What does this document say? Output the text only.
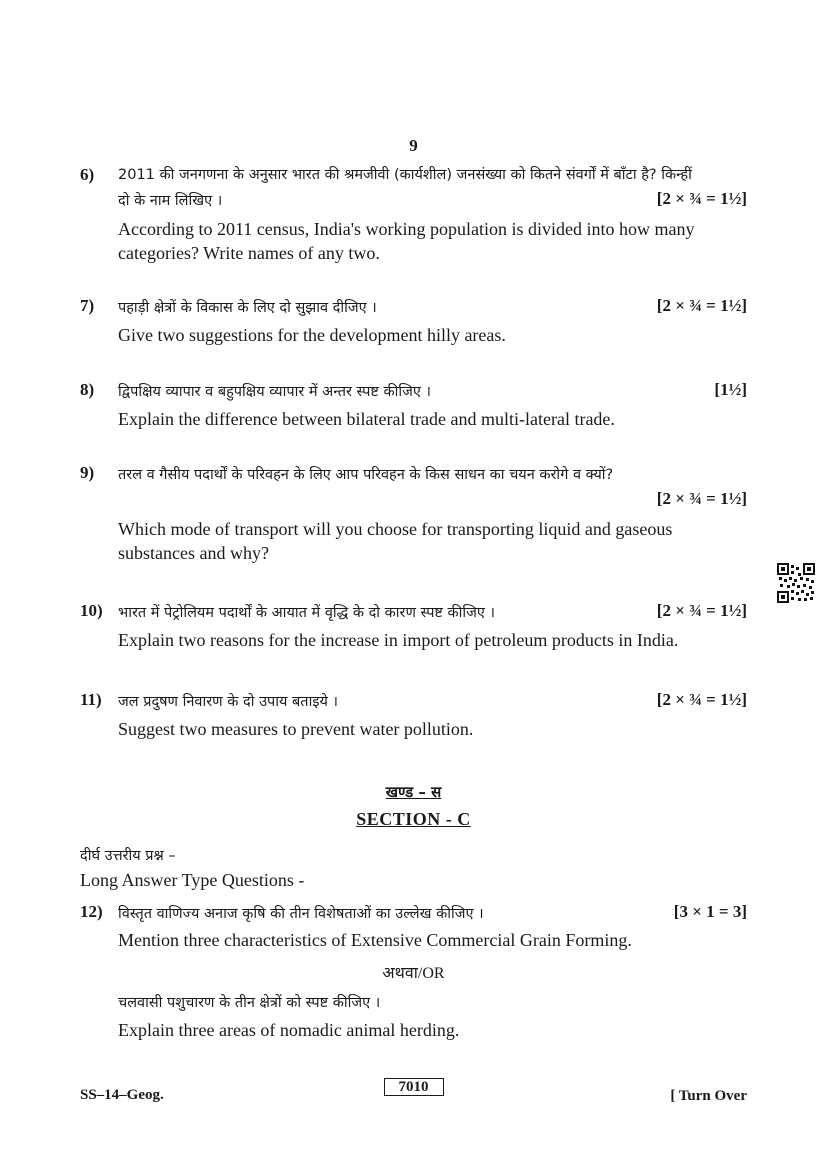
9
6) 2011 की जनगणना के अनुसार भारत की श्रमजीवी (कार्यशील) जनसंख्या को कितने संवर्गों में बाँटा है? किन्हीं
दो के नाम लिखिए ।	[2 × ¾ = 1½]
According to 2011 census, India's working population is divided into how many
categories? Write names of any two.
7) पहाड़ी क्षेत्रों के विकास के लिए दो सुझाव दीजिए ।	[2 × ¾ = 1½]
Give two suggestions for the development hilly areas.
8) द्विपक्षिय व्यापार व बहुपक्षिय व्यापार में अन्तर स्पष्ट कीजिए ।	[1½]
Explain the difference between bilateral trade and multi-lateral trade.
9) तरल व गैसीय पदार्थों के परिवहन के लिए आप परिवहन के किस साधन का चयन करोगे व क्यों?
[2 × ¾ = 1½]
Which mode of transport will you choose for transporting liquid and gaseous
substances and why?
10) भारत में पेट्रोलियम पदार्थों के आयात में वृद्धि के दो कारण स्पष्ट कीजिए ।	[2 × ¾ = 1½]
Explain two reasons for the increase in import of petroleum products in India.
11) जल प्रदुषण निवारण के दो उपाय बताइये ।	[2 × ¾ = 1½]
Suggest two measures to prevent water pollution.
खण्ड – स
SECTION - C
दीर्घ उत्तरीय प्रश्न –
Long Answer Type Questions -
12) विस्तृत वाणिज्य अनाज कृषि की तीन विशेषताओं का उल्लेख कीजिए ।	[3 × 1 = 3]
Mention three characteristics of Extensive Commercial Grain Forming.
अथवा/OR
चलवासी पशुचारण के तीन क्षेत्रों को स्पष्ट कीजिए ।
Explain three areas of nomadic animal herding.
SS–14–Geog.	7010
[ Turn Over
